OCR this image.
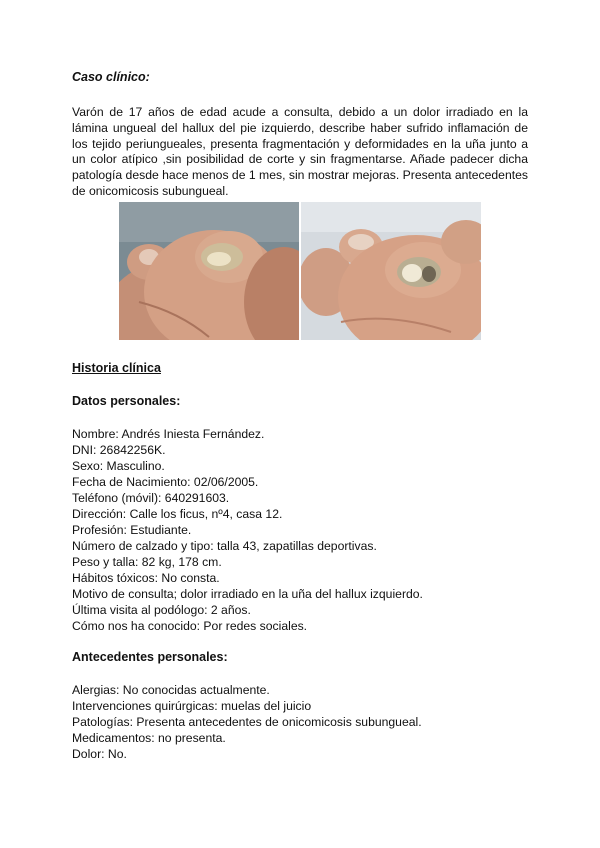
Caso clínico:
Varón de 17 años de edad acude a consulta, debido a un dolor irradiado en la lámina ungueal del hallux del pie izquierdo, describe haber sufrido inflamación de los tejido periungueales, presenta fragmentación y deformidades en la uña junto a un color atípico ,sin posibilidad de corte y sin fragmentarse. Añade padecer dicha patología desde hace menos de 1 mes, sin mostrar mejoras. Presenta antecedentes de onicomicosis subungueal.
Historia clínica
Datos personales:
Nombre: Andrés Iniesta Fernández.
DNI: 26842256K.
Sexo: Masculino.
Fecha de Nacimiento: 02/06/2005.
Teléfono (móvil): 640291603.
Dirección: Calle los ficus, nº4, casa 12.
Profesión: Estudiante.
Número de calzado y tipo: talla 43, zapatillas deportivas.
Peso y talla: 82 kg, 178 cm.
Hábitos tóxicos: No consta.
Motivo de consulta; dolor irradiado en la uña del hallux izquierdo.
Última visita al podólogo: 2 años.
Cómo nos ha conocido: Por redes sociales.
Antecedentes personales:
Alergias: No conocidas actualmente.
Intervenciones quirúrgicas: muelas del juicio
Patologías: Presenta antecedentes de onicomicosis subungueal.
Medicamentos: no presenta.
Dolor: No.
